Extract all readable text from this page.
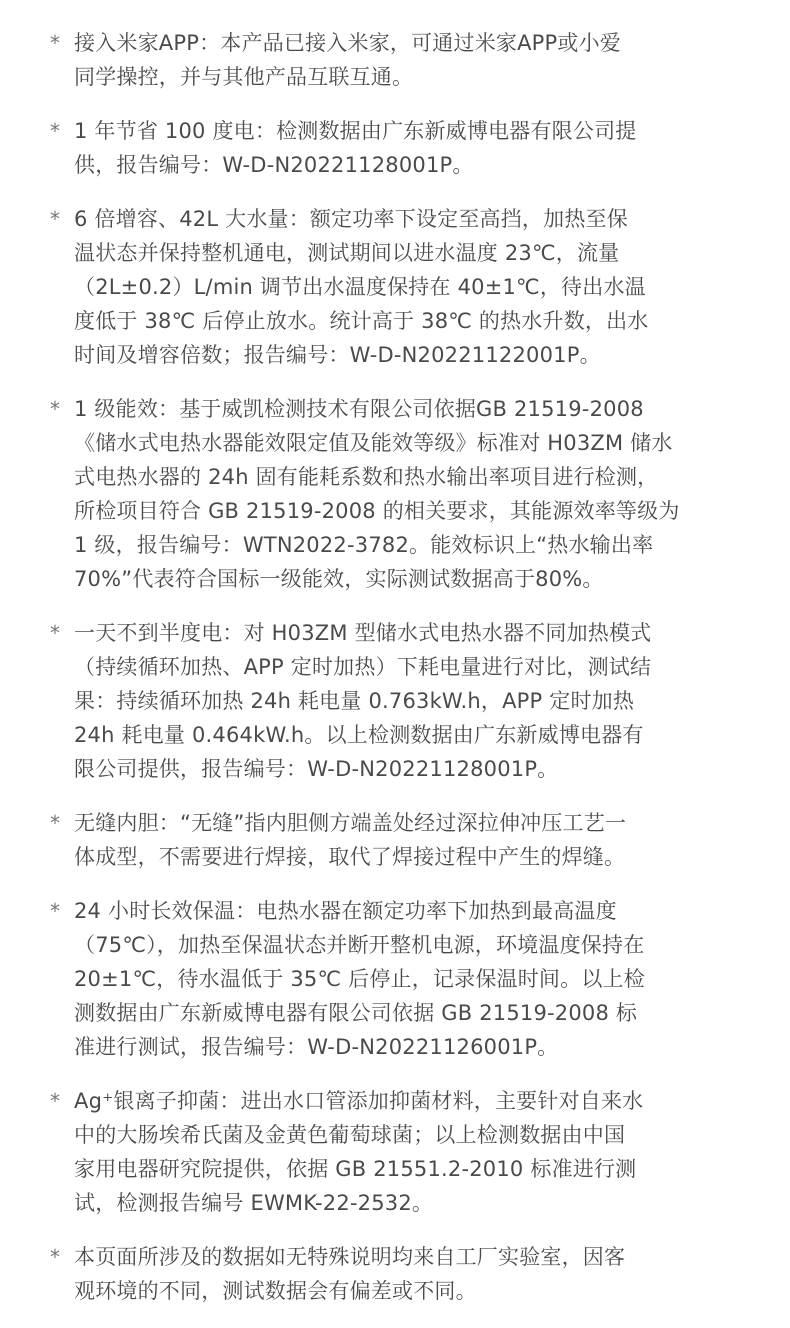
* 接入米家APP：本产品已接入米家，可通过米家APP或小爱
同学操控，并与其他产品互联互通。
* 1 年节省 100 度电：检测数据由广东新威博电器有限公司提
供，报告编号：W-D-N20221128001P。
* 6 倍增容、42L 大水量：额定功率下设定至高挡，加热至保
温状态并保持整机通电，测试期间以进水温度 23℃，流量
（2L±0.2）L/min 调节出水温度保持在 40±1℃，待出水温
度低于 38℃ 后停止放水。统计高于 38℃ 的热水升数，出水
时间及增容倍数；报告编号：W-D-N20221122001P。
* 1 级能效：基于威凯检测技术有限公司依据GB 21519-2008
《储水式电热水器能效限定值及能效等级》标准对 H03ZM 储水
式电热水器的 24h 固有能耗系数和热水输出率项目进行检测，
所检项目符合 GB 21519-2008 的相关要求，其能源效率等级为
1 级，报告编号：WTN2022-3782。能效标识上“热水输出率
70%”代表符合国标一级能效，实际测试数据高于80%。
* 一天不到半度电：对 H03ZM 型储水式电热水器不同加热模式
（持续循环加热、APP 定时加热）下耗电量进行对比，测试结
果：持续循环加热 24h 耗电量 0.763kW.h，APP 定时加热
24h 耗电量 0.464kW.h。以上检测数据由广东新威博电器有
限公司提供，报告编号：W-D-N20221128001P。
* 无缝内胆：“无缝”指内胆侧方端盖处经过深拉伸冲压工艺一
体成型，不需要进行焊接，取代了焊接过程中产生的焊缝。
* 24 小时长效保温：电热水器在额定功率下加热到最高温度
（75℃），加热至保温状态并断开整机电源，环境温度保持在
20±1℃，待水温低于 35℃ 后停止，记录保温时间。以上检
测数据由广东新威博电器有限公司依据 GB 21519-2008 标
准进行测试，报告编号：W-D-N20221126001P。
* Ag⁺银离子抑菌：进出水口管添加抑菌材料，主要针对自来水
中的大肠埃希氏菌及金黄色葡萄球菌；以上检测数据由中国
家用电器研究院提供，依据 GB 21551.2-2010 标准进行测
试，检测报告编号 EWMK-22-2532。
* 本页面所涉及的数据如无特殊说明均来自工厂实验室，因客
观环境的不同，测试数据会有偏差或不同。
